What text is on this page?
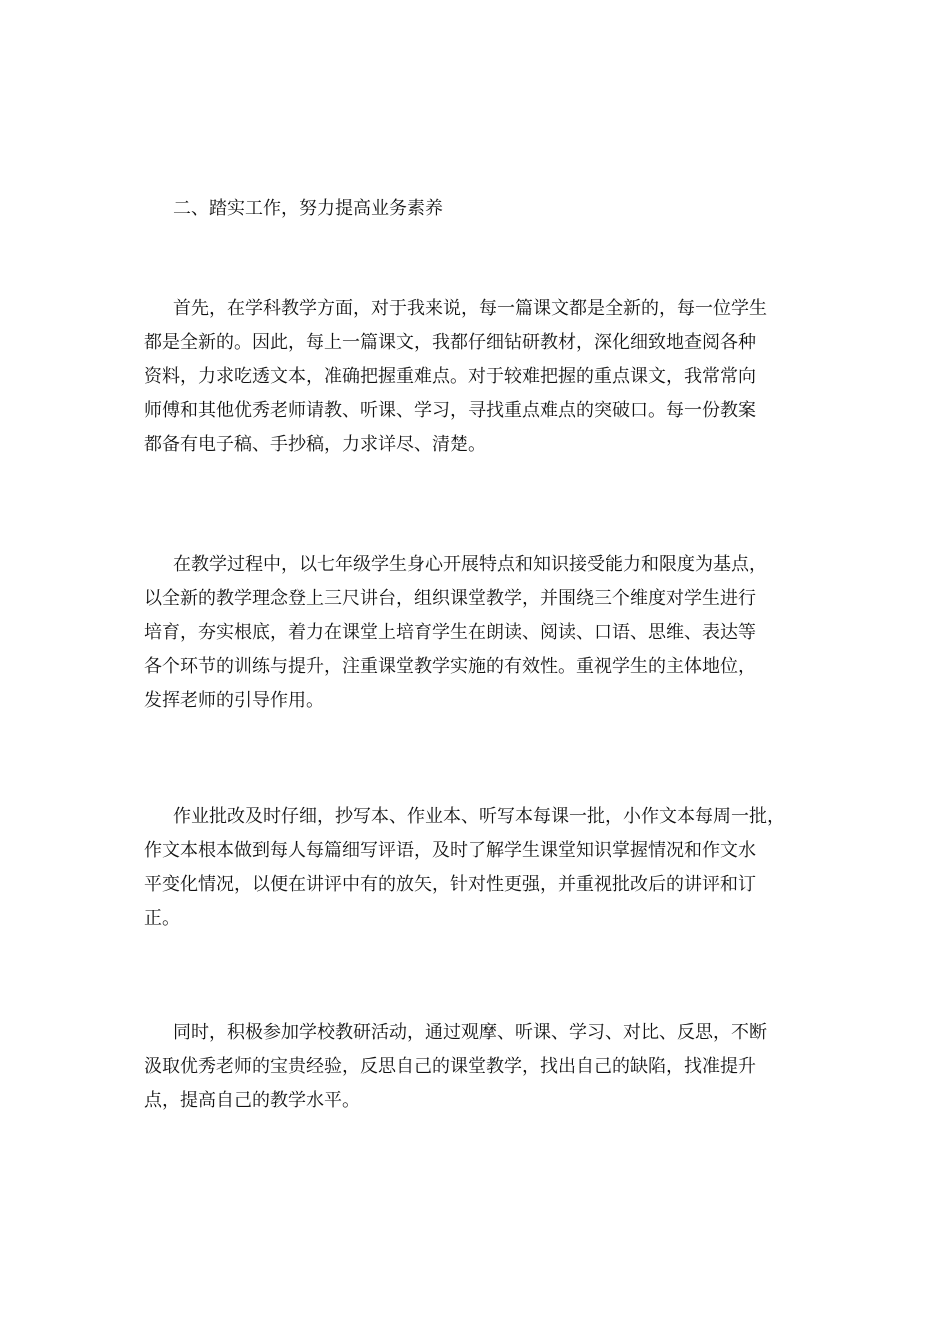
二、踏实工作，努力提高业务素养
首先，在学科教学方面，对于我来说，每一篇课文都是全新的，每一位学生
都是全新的。因此，每上一篇课文，我都仔细钻研教材，深化细致地查阅各种
资料，力求吃透文本，准确把握重难点。对于较难把握的重点课文，我常常向
师傅和其他优秀老师请教、听课、学习，寻找重点难点的突破口。每一份教案
都备有电子稿、手抄稿，力求详尽、清楚。
在教学过程中，以七年级学生身心开展特点和知识接受能力和限度为基点，
以全新的教学理念登上三尺讲台，组织课堂教学，并围绕三个维度对学生进行
培育，夯实根底，着力在课堂上培育学生在朗读、阅读、口语、思维、表达等
各个环节的训练与提升，注重课堂教学实施的有效性。重视学生的主体地位，
发挥老师的引导作用。
作业批改及时仔细，抄写本、作业本、听写本每课一批，小作文本每周一批，
作文本根本做到每人每篇细写评语，及时了解学生课堂知识掌握情况和作文水
平变化情况，以便在讲评中有的放矢，针对性更强，并重视批改后的讲评和订
正。
同时，积极参加学校教研活动，通过观摩、听课、学习、对比、反思，不断
汲取优秀老师的宝贵经验，反思自己的课堂教学，找出自己的缺陷，找准提升
点，提高自己的教学水平。
